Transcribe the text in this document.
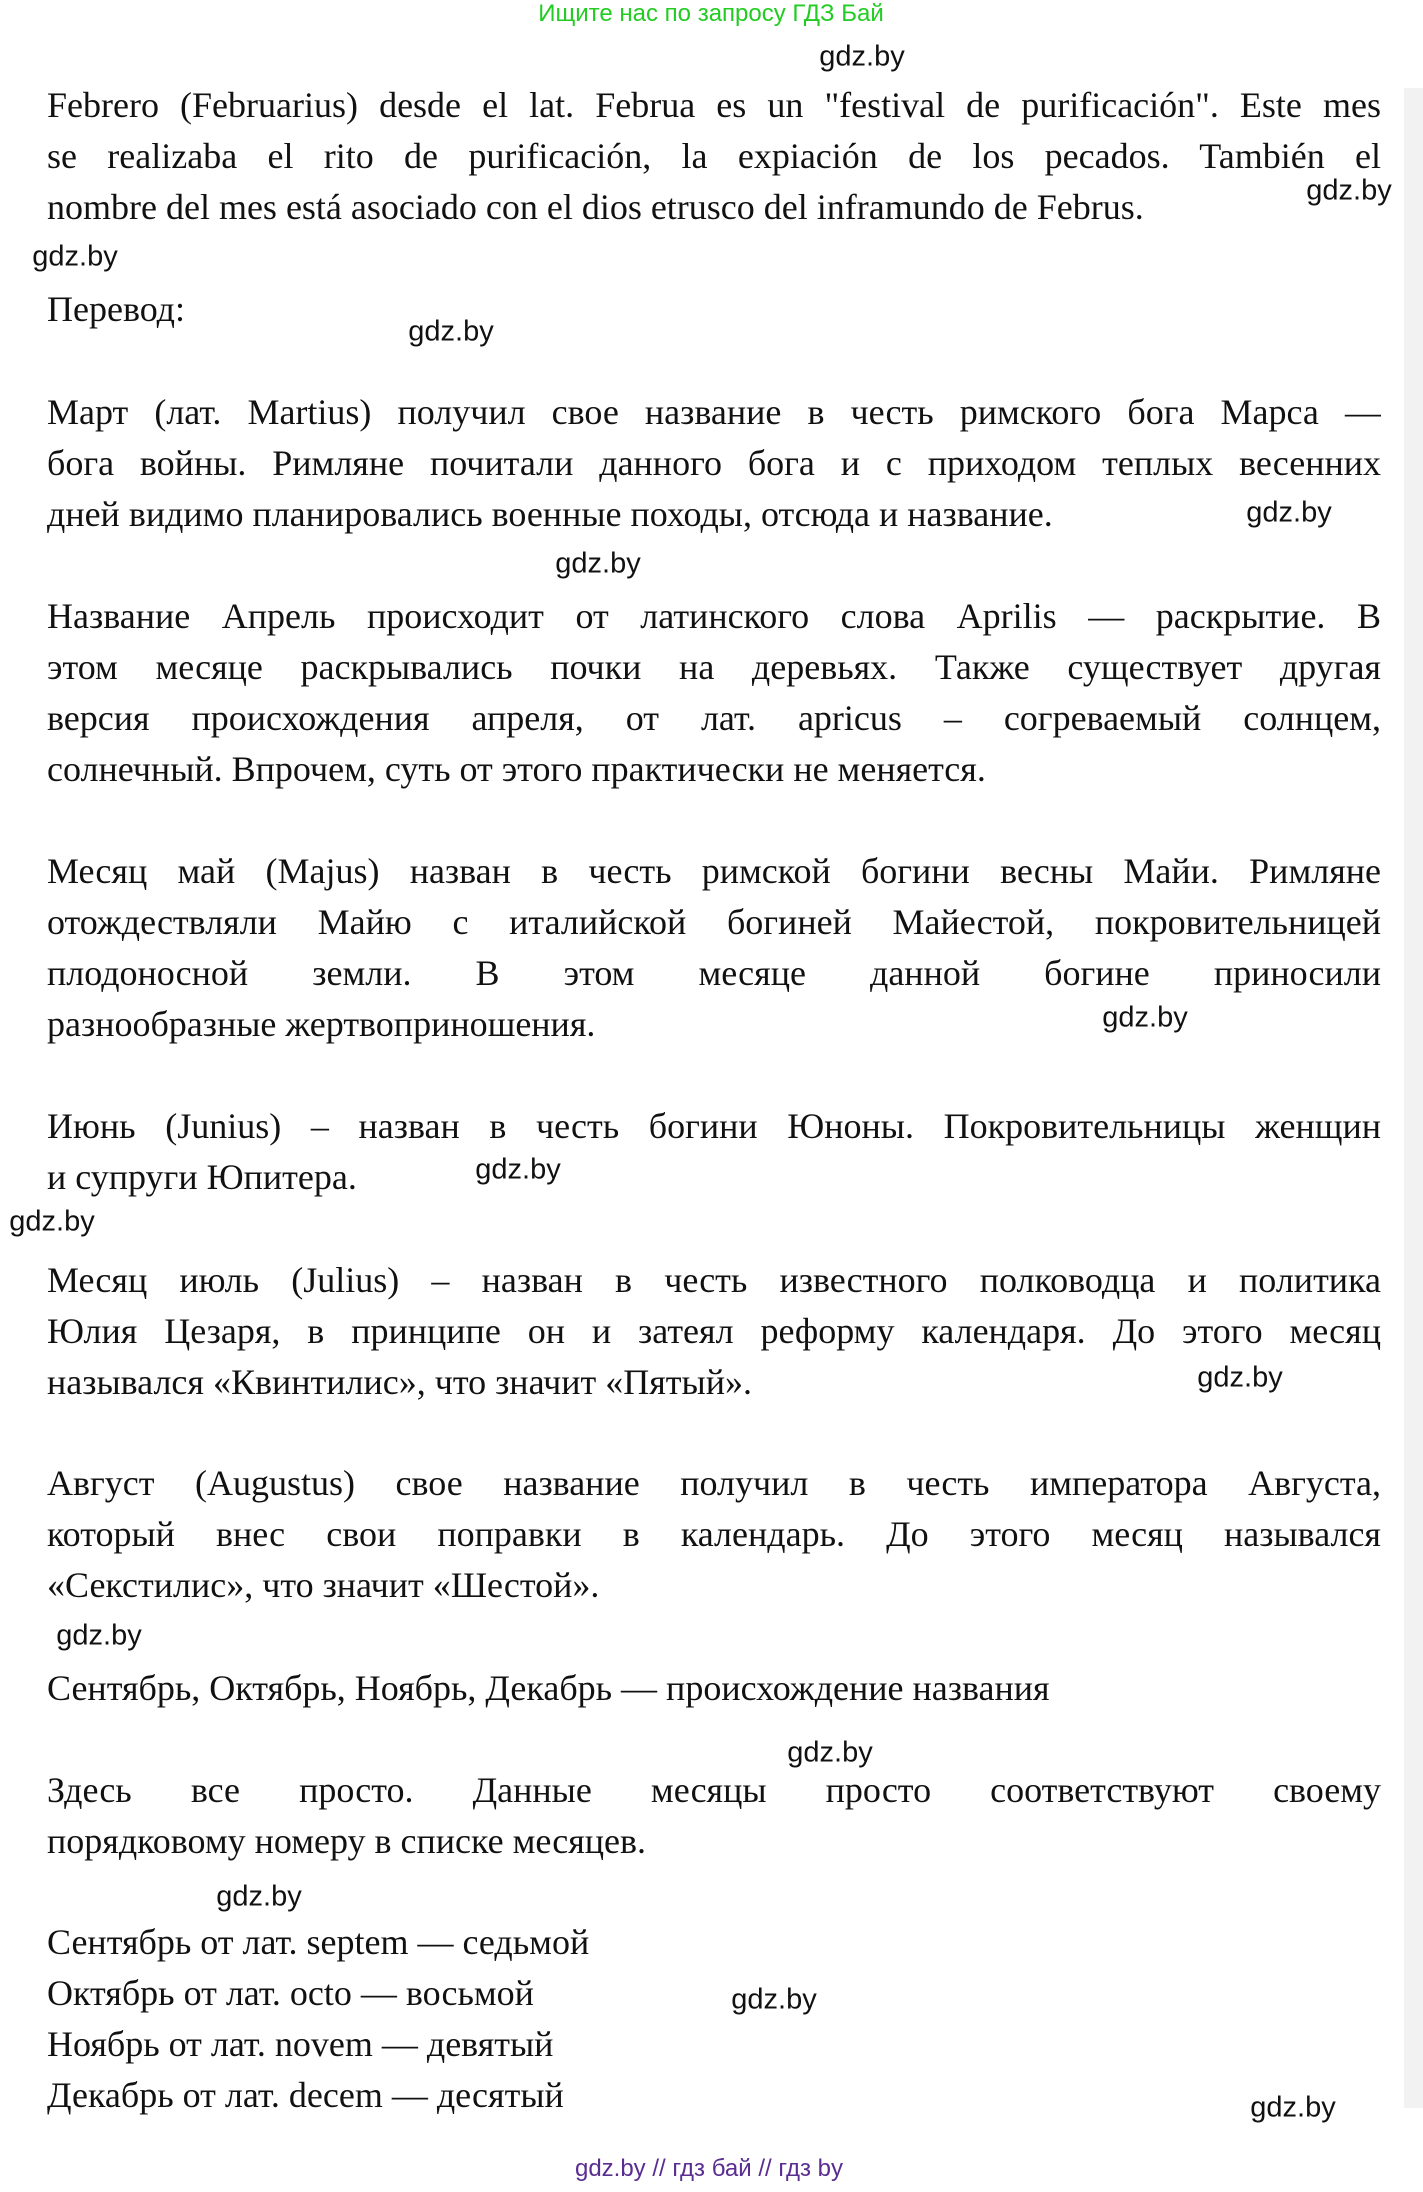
Ищите нас по запросу ГДЗ Бай
Febrero (Februarius) desde el lat. Februa es un "festival de purificación". Este mes
se realizaba el rito de purificación, la expiación de los pecados. También el
nombre del mes está asociado con el dios etrusco del inframundo de Februs.
Перевод:
Март (лат. Martius) получил свое название в честь римского бога Марса —
бога войны. Римляне почитали данного бога и с приходом теплых весенних
дней видимо планировались военные походы, отсюда и название.
Название Апрель происходит от латинского слова Aprilis — раскрытие. В
этом месяце раскрывались почки на деревьях. Также существует другая
версия происхождения апреля, от лат. apricus – согреваемый солнцем,
солнечный. Впрочем, суть от этого практически не меняется.
Месяц май (Majus) назван в честь римской богини весны Майи. Римляне
отождествляли Майю с италийской богиней Майестой, покровительницей
плодоносной земли. В этом месяце данной богине приносили
разнообразные жертвоприношения.
Июнь (Junius) – назван в честь богини Юноны. Покровительницы женщин
и супруги Юпитера.
Месяц июль (Julius) – назван в честь известного полководца и политика
Юлия Цезаря, в принципе он и затеял реформу календаря. До этого месяц
назывался «Квинтилис», что значит «Пятый».
Август (Augustus) свое название получил в честь императора Августа,
который внес свои поправки в календарь. До этого месяц назывался
«Секстилис», что значит «Шестой».
Сентябрь, Октябрь, Ноябрь, Декабрь — происхождение названия
Здесь все просто. Данные месяцы просто соответствуют своему
порядковому номеру в списке месяцев.
Сентябрь от лат. septem — седьмой
Октябрь от лат. octo — восьмой
Ноябрь от лат. novem — девятый
Декабрь от лат. decem — десятый
gdz.by
gdz.by
gdz.by
gdz.by
gdz.by
gdz.by
gdz.by
gdz.by
gdz.by
gdz.by
gdz.by
gdz.by
gdz.by
gdz.by
gdz.by
gdz.by // гдз бай // гдз by
